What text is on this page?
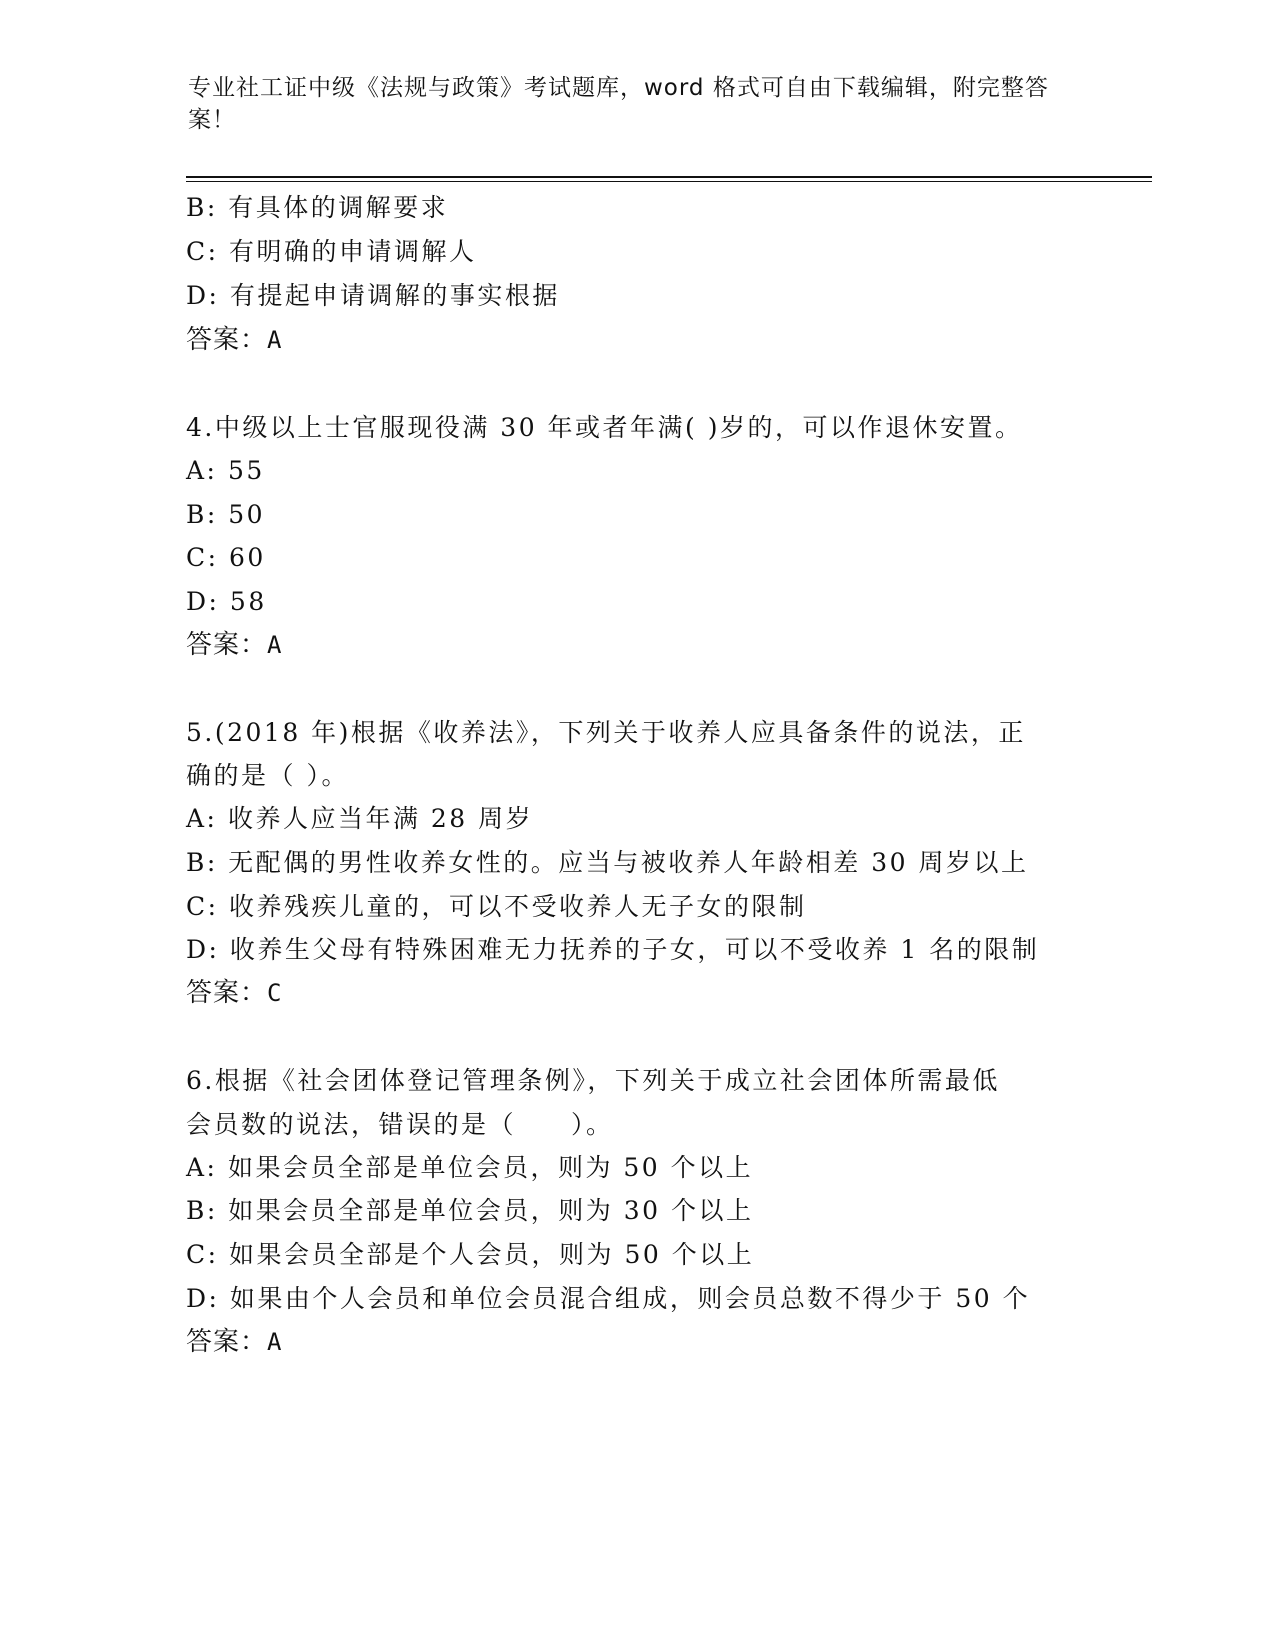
专业社工证中级《法规与政策》考试题库，word 格式可自由下载编辑，附完整答
案！
B: 有具体的调解要求
C: 有明确的申请调解人
D: 有提起申请调解的事实根据
答案：A
4.中级以上士官服现役满 30 年或者年满( )岁的，可以作退休安置。
A: 55
B: 50
C: 60
D: 58
答案：A
5.(2018 年)根据《收养法》，下列关于收养人应具备条件的说法，正
确的是（ ）。
A: 收养人应当年满 28 周岁
B: 无配偶的男性收养女性的。应当与被收养人年龄相差 30 周岁以上
C: 收养残疾儿童的，可以不受收养人无子女的限制
D: 收养生父母有特殊困难无力抚养的子女，可以不受收养 1 名的限制
答案：C
6.根据《社会团体登记管理条例》，下列关于成立社会团体所需最低
会员数的说法，错误的是（　　）。
A: 如果会员全部是单位会员，则为 50 个以上
B: 如果会员全部是单位会员，则为 30 个以上
C: 如果会员全部是个人会员，则为 50 个以上
D: 如果由个人会员和单位会员混合组成，则会员总数不得少于 50 个
答案：A
